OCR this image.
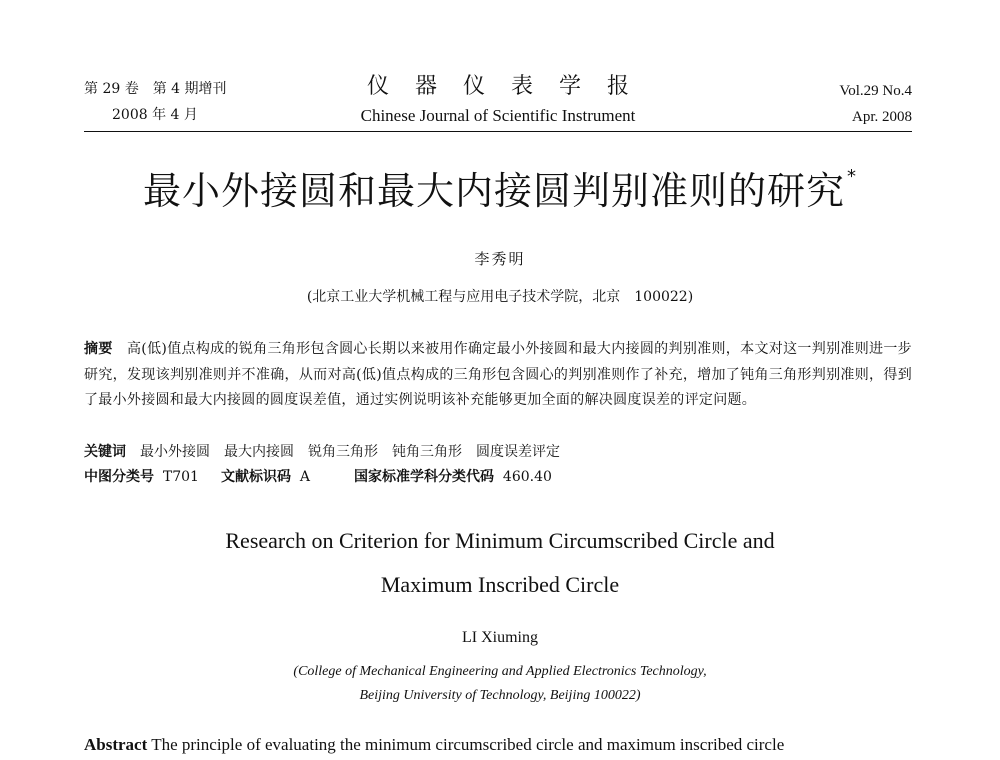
第 29 卷　第 4 期增刊
2008 年 4 月
仪器仪表学报
Chinese Journal of Scientific Instrument
Vol.29 No.4
Apr. 2008
最小外接圆和最大内接圆判别准则的研究 *
李秀明
(北京工业大学机械工程与应用电子技术学院，北京　100022)
摘要　 高(低)值点构成的锐角三角形包含圆心长期以来被用作确定最小外接圆和最大内接圆的判别准则，本文对这一判别准则进一步研究，发现该判别准则并不准确，从而对高(低)值点构成的三角形包含圆心的判别准则作了补充，增加了钝角三角形判别准则，得到了最小外接圆和最大内接圆的圆度误差值，通过实例说明该补充能够更加全面的解决圆度误差的评定问题。
关键词 最小外接圆 最大内接圆 锐角三角形 钝角三角形 圆度误差评定
中图分类号 T701 文献标识码 A	国家标准学科分类代码 460.40
Research on Criterion for Minimum Circumscribed Circle and
Maximum Inscribed Circle
LI Xiuming
(College of Mechanical Engineering and Applied Electronics Technology,
Beijing University of Technology, Beijing 100022)
Abstract The principle of evaluating the minimum circumscribed circle and maximum inscribed circle
